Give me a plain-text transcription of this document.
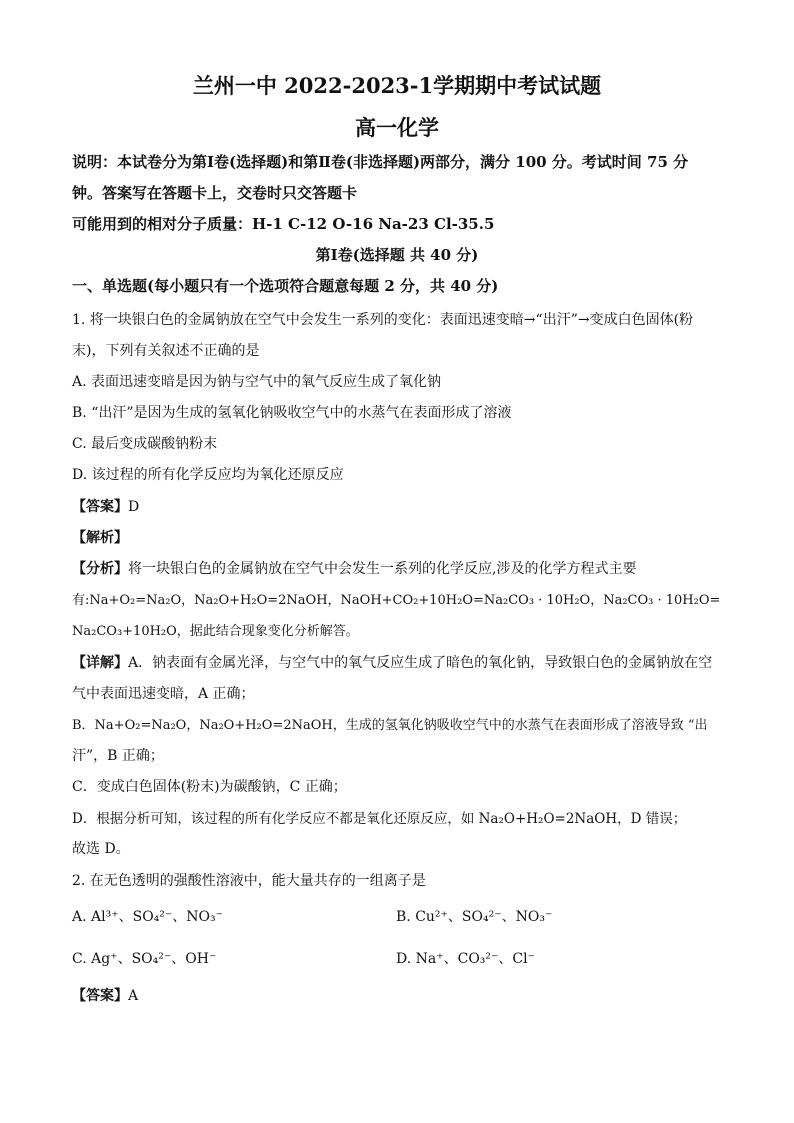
兰州一中 2022-2023-1学期期中考试试题
高一化学
说明：本试卷分为第Ⅰ卷(选择题)和第Ⅱ卷(非选择题)两部分，满分 100 分。考试时间 75 分
钟。答案写在答题卡上，交卷时只交答题卡
可能用到的相对分子质量：H-1 C-12 O-16 Na-23 Cl-35.5
第Ⅰ卷(选择题 共 40 分)
一、单选题(每小题只有一个选项符合题意每题 2 分，共 40 分)
1. 将一块银白色的金属钠放在空气中会发生一系列的变化：表面迅速变暗→“出汗”→变成白色固体(粉
末)，下列有关叙述不正确的是
A. 表面迅速变暗是因为钠与空气中的氧气反应生成了氧化钠
B. “出汗”是因为生成的氢氧化钠吸收空气中的水蒸气在表面形成了溶液
C. 最后变成碳酸钠粉末
D. 该过程的所有化学反应均为氧化还原反应
【答案】D
【解析】
【分析】将一块银白色的金属钠放在空气中会发生一系列的化学反应,涉及的化学方程式主要
有:Na+O₂=Na₂O，Na₂O+H₂O=2NaOH，NaOH+CO₂+10H₂O=Na₂CO₃ · 10H₂O，Na₂CO₃ · 10H₂O=
Na₂CO₃+10H₂O，据此结合现象变化分析解答。
【详解】A．钠表面有金属光泽，与空气中的氧气反应生成了暗色的氧化钠，导致银白色的金属钠放在空
气中表面迅速变暗，A 正确；
B．Na+O₂=Na₂O，Na₂O+H₂O=2NaOH，生成的氢氧化钠吸收空气中的水蒸气在表面形成了溶液导致 “出
汗”，B 正确；
C．变成白色固体(粉末)为碳酸钠，C 正确；
D．根据分析可知，该过程的所有化学反应不都是氧化还原反应，如 Na₂O+H₂O=2NaOH，D 错误；
故选 D。
2. 在无色透明的强酸性溶液中，能大量共存的一组离子是
A. Al³⁺、SO₄²⁻、NO₃⁻	B. Cu²⁺、SO₄²⁻、NO₃⁻
C. Ag⁺、SO₄²⁻、OH⁻	D. Na⁺、CO₃²⁻、Cl⁻
【答案】A
